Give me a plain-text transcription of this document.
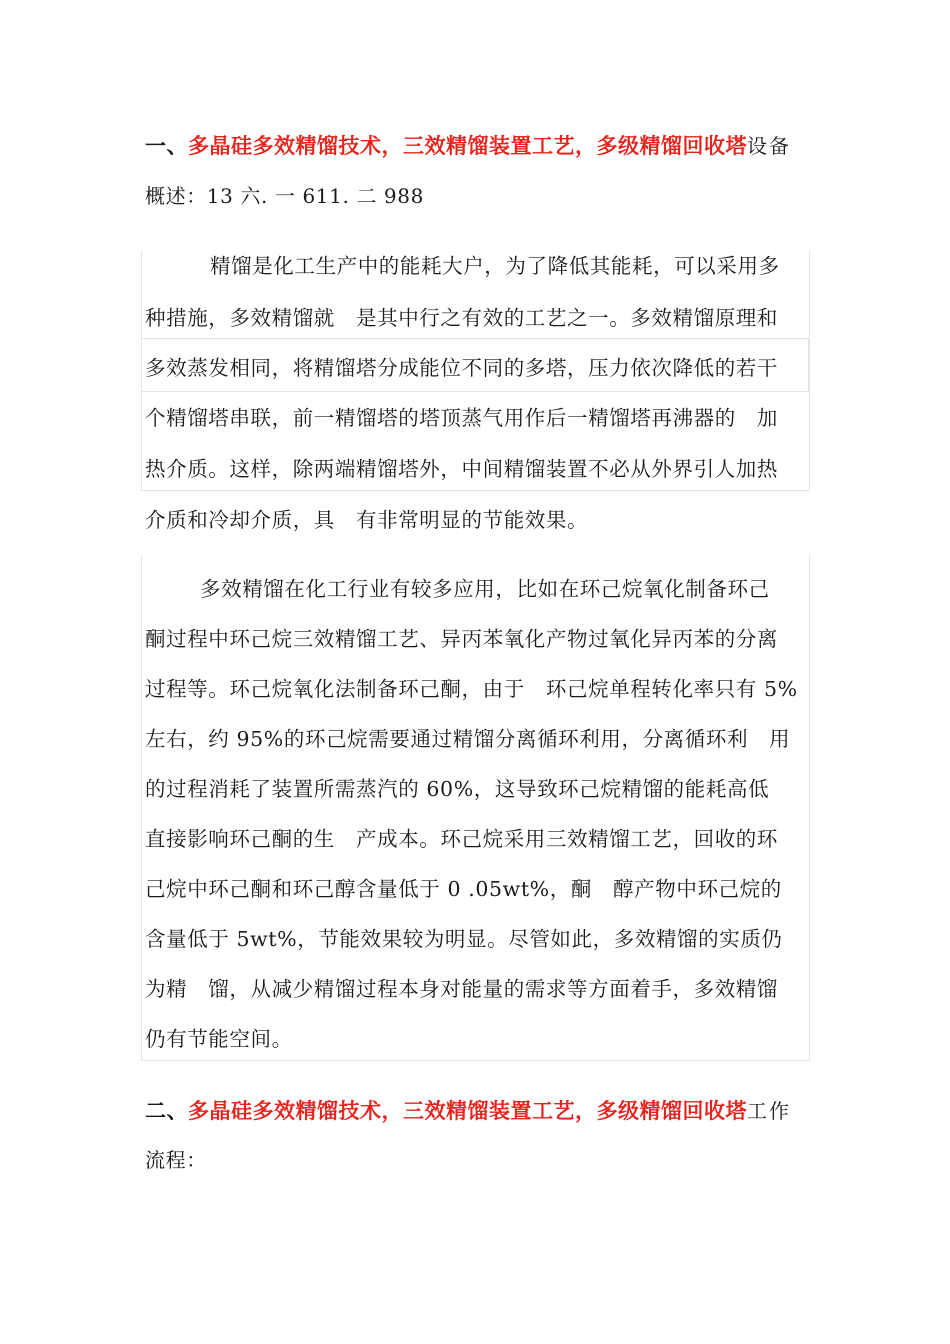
一、多晶硅多效精馏技术，三效精馏装置工艺，多级精馏回收塔设备
概述：13 六. 一 611. 二 988
精馏是化工生产中的能耗大户，为了降低其能耗，可以采用多
种措施，多效精馏就　是其中行之有效的工艺之一。多效精馏原理和
多效蒸发相同，将精馏塔分成能位不同的多塔，压力依次降低的若干
个精馏塔串联，前一精馏塔的塔顶蒸气用作后一精馏塔再沸器的　加
热介质。这样，除两端精馏塔外，中间精馏装置不必从外界引人加热
介质和冷却介质，具　有非常明显的节能效果。
多效精馏在化工行业有较多应用，比如在环己烷氧化制备环己
酮过程中环己烷三效精馏工艺、异丙苯氧化产物过氧化异丙苯的分离
过程等。环己烷氧化法制备环己酮，由于　环己烷单程转化率只有 5%
左右，约 95%的环己烷需要通过精馏分离循环利用，分离循环利　用
的过程消耗了装置所需蒸汽的 60%，这导致环己烷精馏的能耗高低
直接影响环己酮的生　产成本。环己烷采用三效精馏工艺，回收的环
己烷中环己酮和环己醇含量低于 0 .05wt%，酮　醇产物中环己烷的
含量低于 5wt%，节能效果较为明显。尽管如此，多效精馏的实质仍
为精　馏，从减少精馏过程本身对能量的需求等方面着手，多效精馏
仍有节能空间。
二、多晶硅多效精馏技术，三效精馏装置工艺，多级精馏回收塔工作
流程：
